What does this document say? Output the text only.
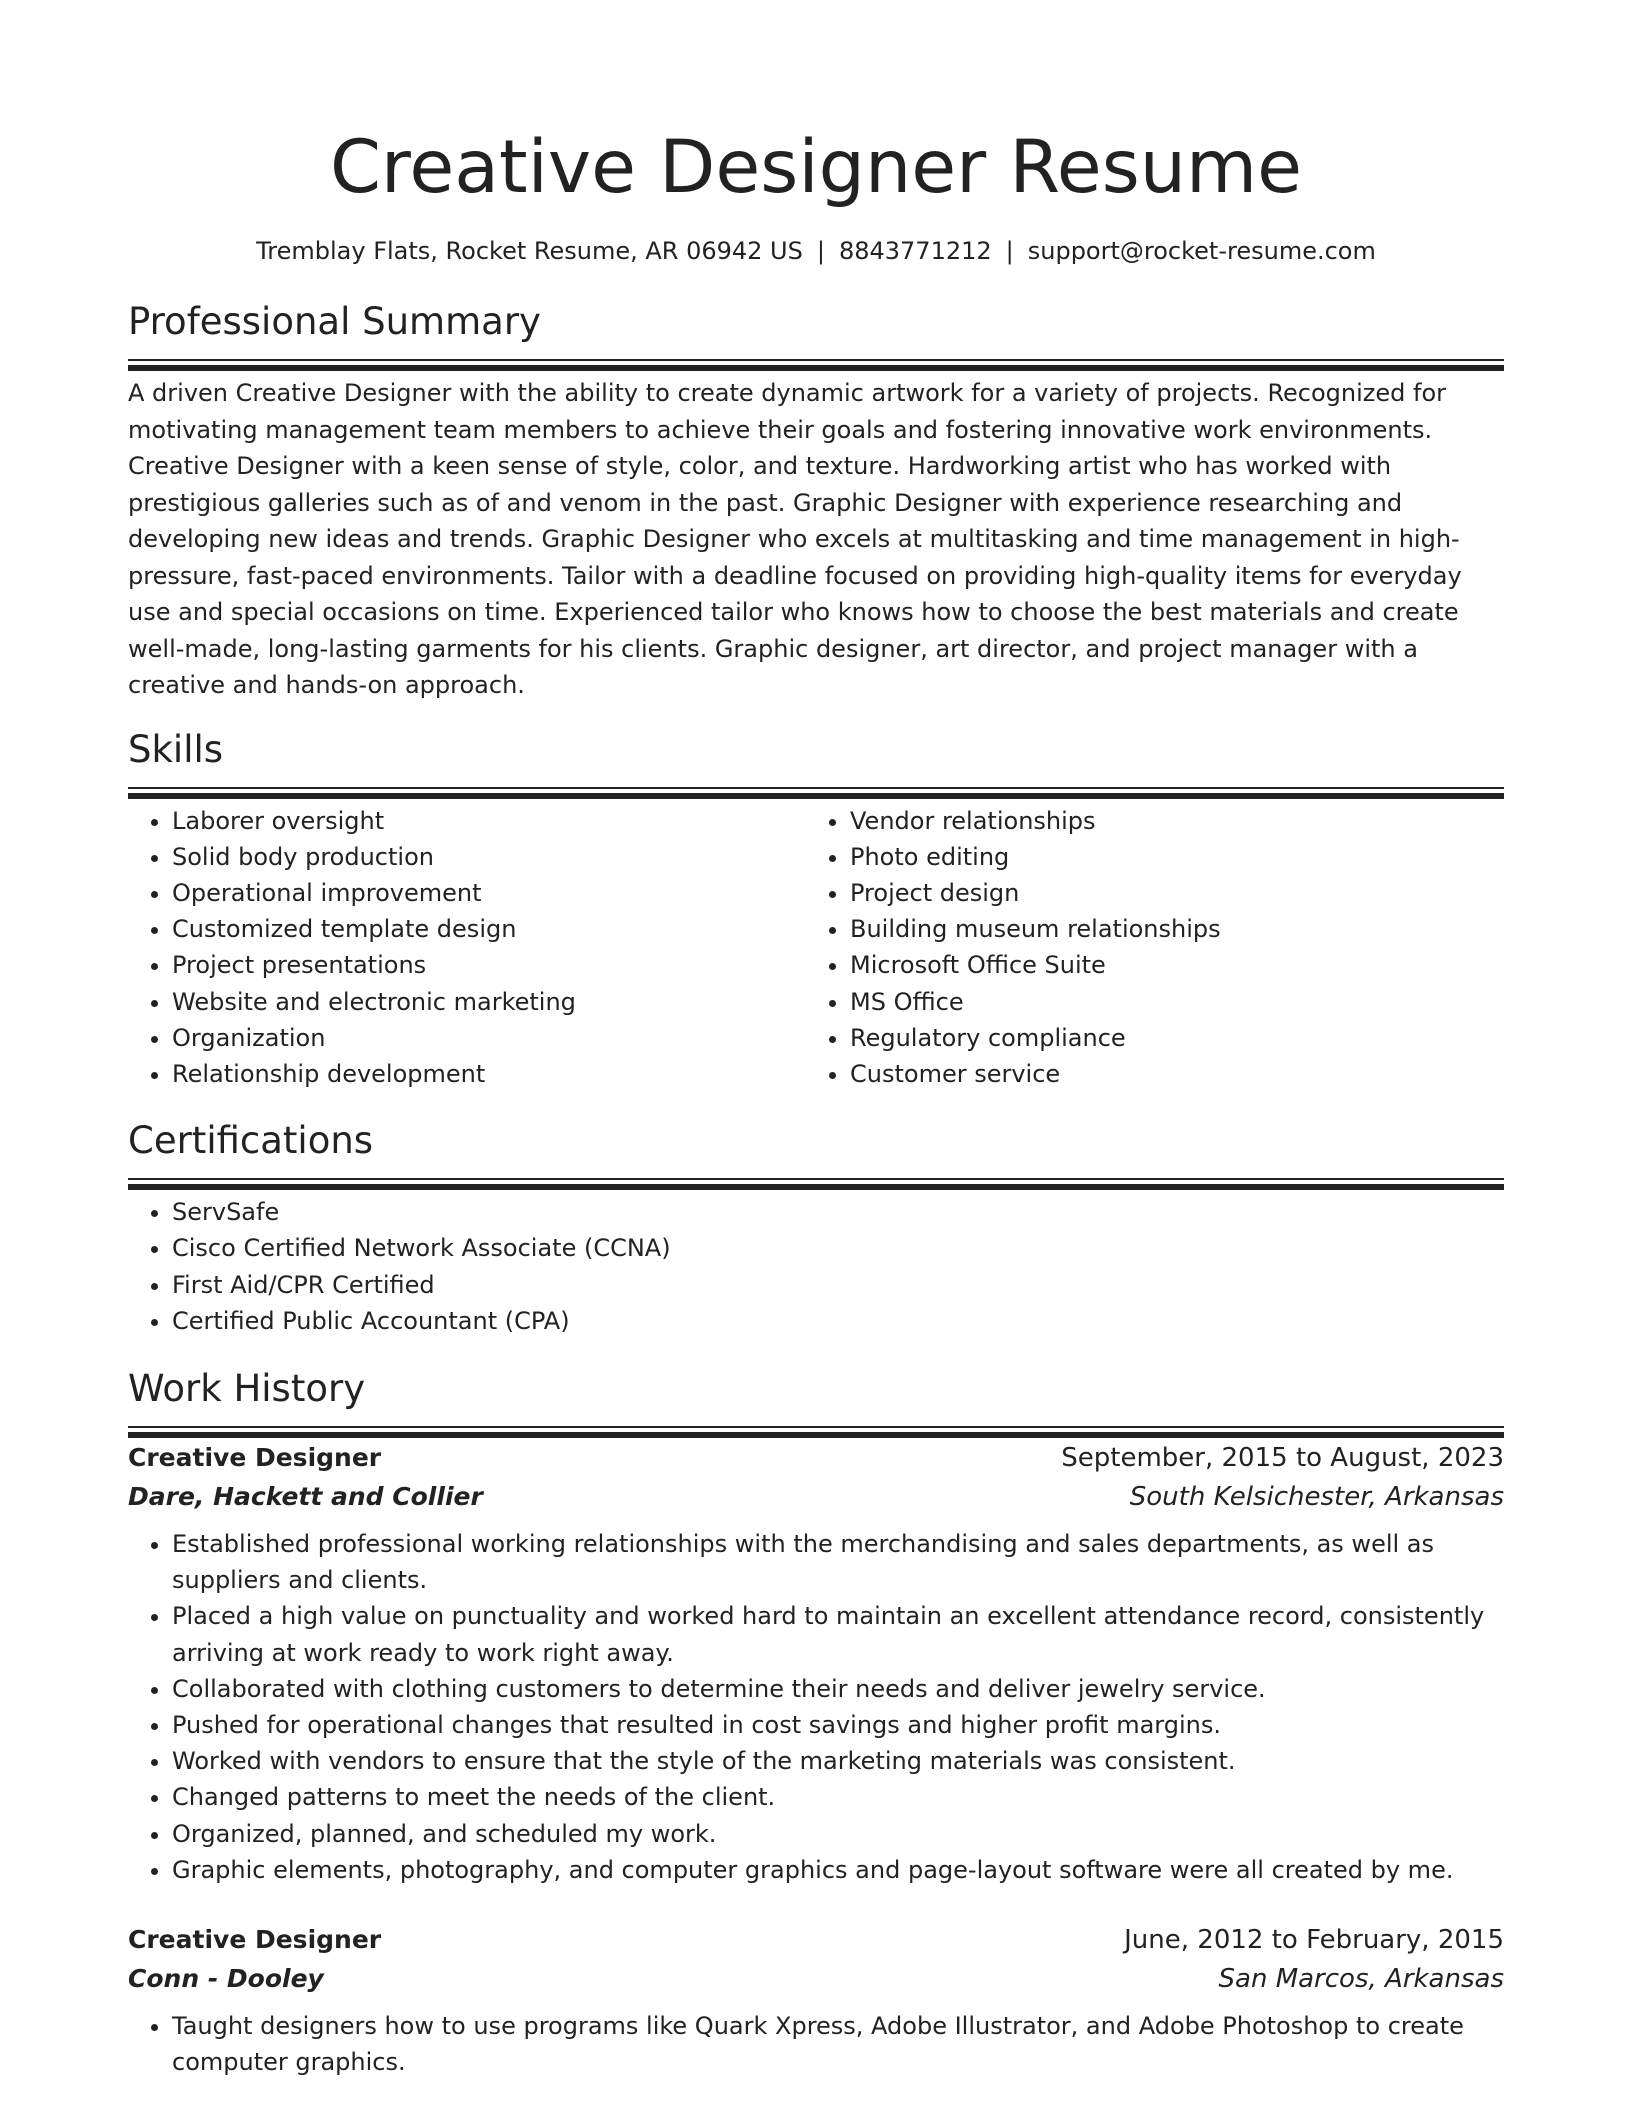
Creative Designer Resume
Tremblay Flats, Rocket Resume, AR 06942 US | 8843771212 | support@rocket-resume.com
Professional Summary

A driven Creative Designer with the ability to create dynamic artwork for a variety of projects. Recognized for motivating management team members to achieve their goals and fostering innovative work environments. Creative Designer with a keen sense of style, color, and texture. Hardworking artist who has worked with prestigious galleries such as of and venom in the past. Graphic Designer with experience researching and developing new ideas and trends. Graphic Designer who excels at multitasking and time management in high-pressure, fast-paced environments. Tailor with a deadline focused on providing high-quality items for everyday use and special occasions on time. Experienced tailor who knows how to choose the best materials and create well-made, long-lasting garments for his clients. Graphic designer, art director, and project manager with a creative and hands-on approach.

Skills
• Laborer oversight
• Solid body production
• Operational improvement
• Customized template design
• Project presentations
• Website and electronic marketing
• Organization
• Relationship development
• Vendor relationships
• Photo editing
• Project design
• Building museum relationships
• Microsoft Office Suite
• MS Office
• Regulatory compliance
• Customer service
Certifications
• ServSafe
• Cisco Certified Network Associate (CCNA)
• First Aid/CPR Certified
• Certified Public Accountant (CPA)
Work History
Creative Designer	September, 2015 to August, 2023
Dare, Hackett and Collier	South Kelsichester, Arkansas
• Established professional working relationships with the merchandising and sales departments, as well as suppliers and clients.
• Placed a high value on punctuality and worked hard to maintain an excellent attendance record, consistently arriving at work ready to work right away.
• Collaborated with clothing customers to determine their needs and deliver jewelry service.
• Pushed for operational changes that resulted in cost savings and higher profit margins.
• Worked with vendors to ensure that the style of the marketing materials was consistent.
• Changed patterns to meet the needs of the client.
• Organized, planned, and scheduled my work.
• Graphic elements, photography, and computer graphics and page-layout software were all created by me.
Creative Designer	June, 2012 to February, 2015
Conn - Dooley	San Marcos, Arkansas
• Taught designers how to use programs like Quark Xpress, Adobe Illustrator, and Adobe Photoshop to create computer graphics.
